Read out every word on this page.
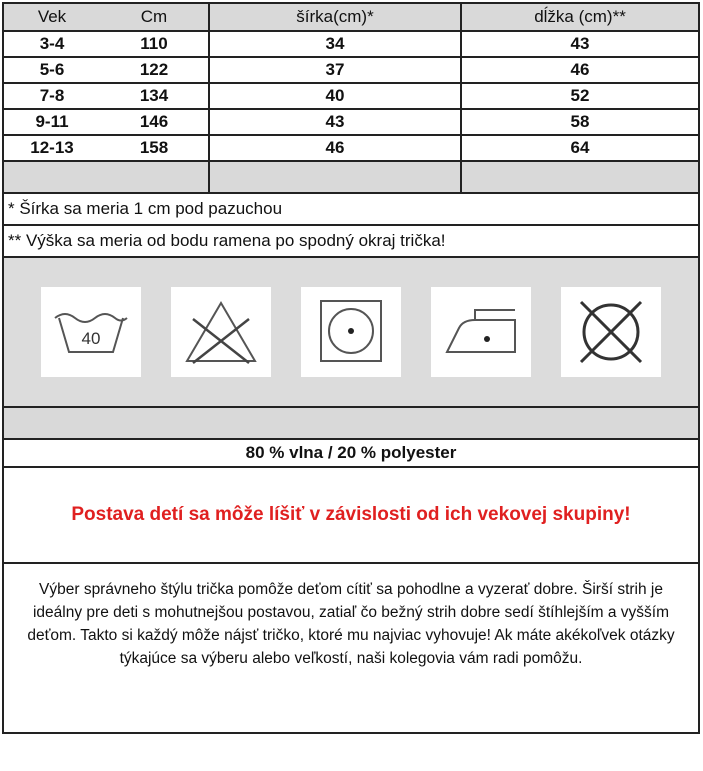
Vek	Cm	šírka(cm)*	dĺžka (cm)**
3-4	110	34	43
5-6	122	37	46
7-8	134	40	52
9-11	146	43	58
12-13	158	46	64
* Šírka sa meria 1 cm pod pazuchou
** Výška sa meria od bodu ramena po spodný okraj trička!
40
80 % vlna / 20 % polyester
Postava detí sa môže líšiť v závislosti od ich vekovej skupiny!
Výber správneho štýlu trička pomôže deťom cítiť sa pohodlne a vyzerať dobre. Širší strih je ideálny pre deti s mohutnejšou postavou, zatiaľ čo bežný strih dobre sedí štíhlejším a vyšším deťom. Takto si každý môže nájsť tričko, ktoré mu najviac vyhovuje! Ak máte akékoľvek otázky týkajúce sa výberu alebo veľkostí, naši kolegovia vám radi pomôžu.
